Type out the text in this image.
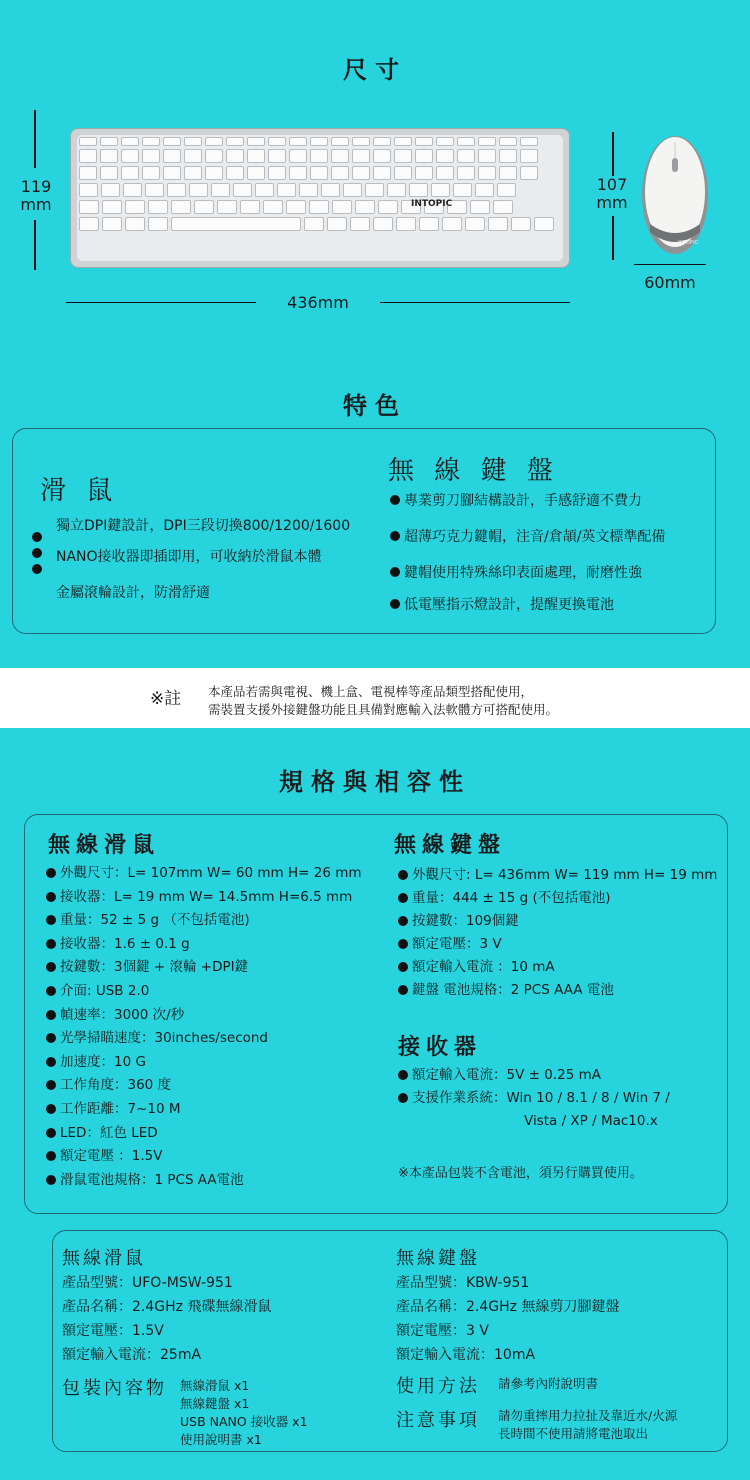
尺寸
119
mm	INTOPIC
436mm
107
mm
INTOPIC
60mm
特色
滑 鼠
獨立DPI鍵設計，DPI三段切換800/1200/1600
NANO接收器即插即用，可收納於滑鼠本體
金屬滾輪設計，防滑舒適
無 線 鍵 盤
專業剪刀腳結構設計，手感舒適不費力
超薄巧克力鍵帽，注音/倉頡/英文標準配備
鍵帽使用特殊絲印表面處理，耐磨性強
低電壓指示燈設計，提醒更換電池
※註 本產品若需與電視、機上盒、電視棒等產品類型搭配使用，
需裝置支援外接鍵盤功能且具備對應輸入法軟體方可搭配使用。
規格與相容性
無線滑鼠
外觀尺寸：L= 107mm W= 60 mm H= 26 mm
接收器：L= 19 mm W= 14.5mm H=6.5 mm
重量：52 ± 5 g （不包括電池)
接收器：1.6 ± 0.1 g
按鍵數：3個鍵 + 滾輪 +DPI鍵
介面: USB 2.0
幀速率：3000 次/秒
光學掃瞄速度：30inches/second
加速度：10 G
工作角度：360 度
工作距離：7~10 M
LED：紅色 LED
額定電壓 ：1.5V
滑鼠電池規格：1 PCS AA電池
無線鍵盤
外觀尺寸: L= 436mm W= 119 mm H= 19 mm
重量：444 ± 15 g (不包括電池)
按鍵數：109個鍵
額定電壓：3 V
額定輸入電流 ：10 mA
鍵盤 電池規格：2 PCS AAA 電池
接收器
額定輸入電流：5V ± 0.25 mA
支援作業系統：Win 10 / 8.1 / 8 / Win 7 /
Vista / XP / Mac10.x
※本產品包裝不含電池，須另行購買使用。
無線滑鼠
產品型號：UFO-MSW-951
產品名稱：2.4GHz 飛碟無線滑鼠
額定電壓：1.5V
額定輸入電流：25mA
包裝內容物 無線滑鼠 x1
無線鍵盤 x1
USB NANO 接收器 x1
使用說明書 x1
無線鍵盤
產品型號：KBW-951
產品名稱：2.4GHz 無線剪刀腳鍵盤
額定電壓：3 V
額定輸入電流：10mA
使用方法 請參考內附說明書
注意事項 請勿重摔用力拉扯及靠近水/火源
長時間不使用請將電池取出
